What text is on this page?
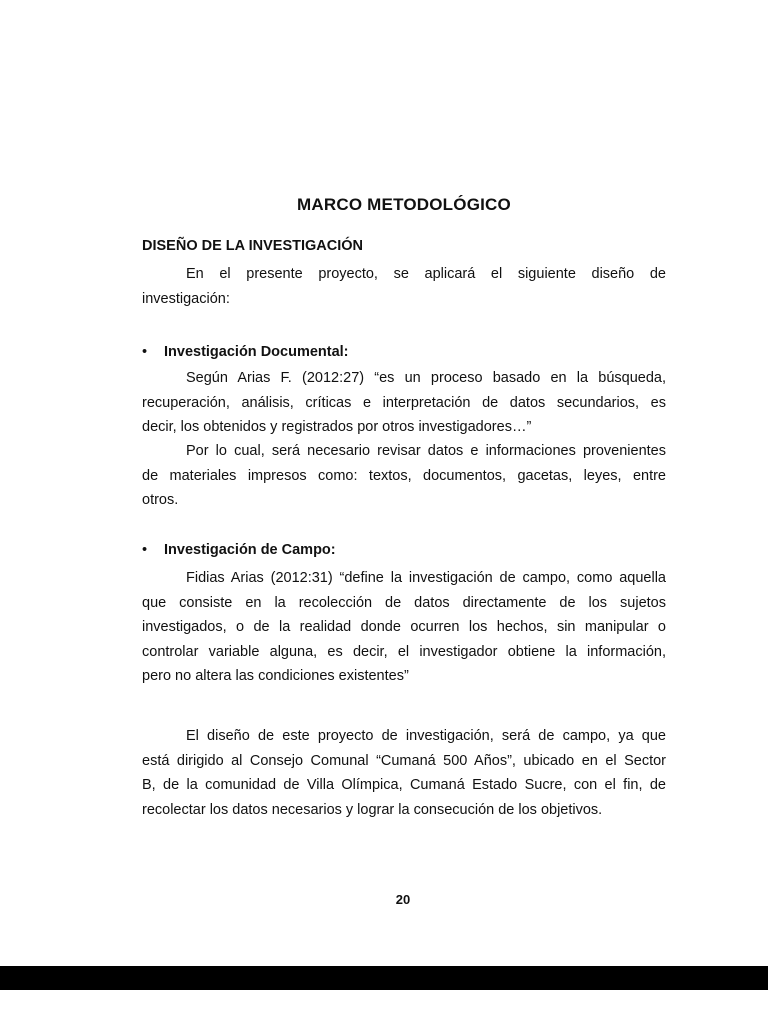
MARCO METODOLÓGICO
DISEÑO DE LA INVESTIGACIÓN
En el presente proyecto, se aplicará el siguiente diseño de
investigación:
• Investigación Documental:
Según Arias F. (2012:27) “es un proceso basado en la búsqueda,
recuperación, análisis, críticas e interpretación de datos secundarios, es
decir, los obtenidos y registrados por otros investigadores…”
Por lo cual, será necesario revisar datos e informaciones provenientes
de materiales impresos como: textos, documentos, gacetas, leyes, entre
otros.
• Investigación de Campo:
Fidias Arias (2012:31) “define la investigación de campo, como aquella
que consiste en la recolección de datos directamente de los sujetos
investigados, o de la realidad donde ocurren los hechos, sin manipular o
controlar variable alguna, es decir, el investigador obtiene la información,
pero no altera las condiciones existentes”
El diseño de este proyecto de investigación, será de campo, ya que
está dirigido al Consejo Comunal “Cumaná 500 Años”, ubicado en el Sector
B, de la comunidad de Villa Olímpica, Cumaná Estado Sucre, con el fin, de
recolectar los datos necesarios y lograr la consecución de los objetivos.
20
